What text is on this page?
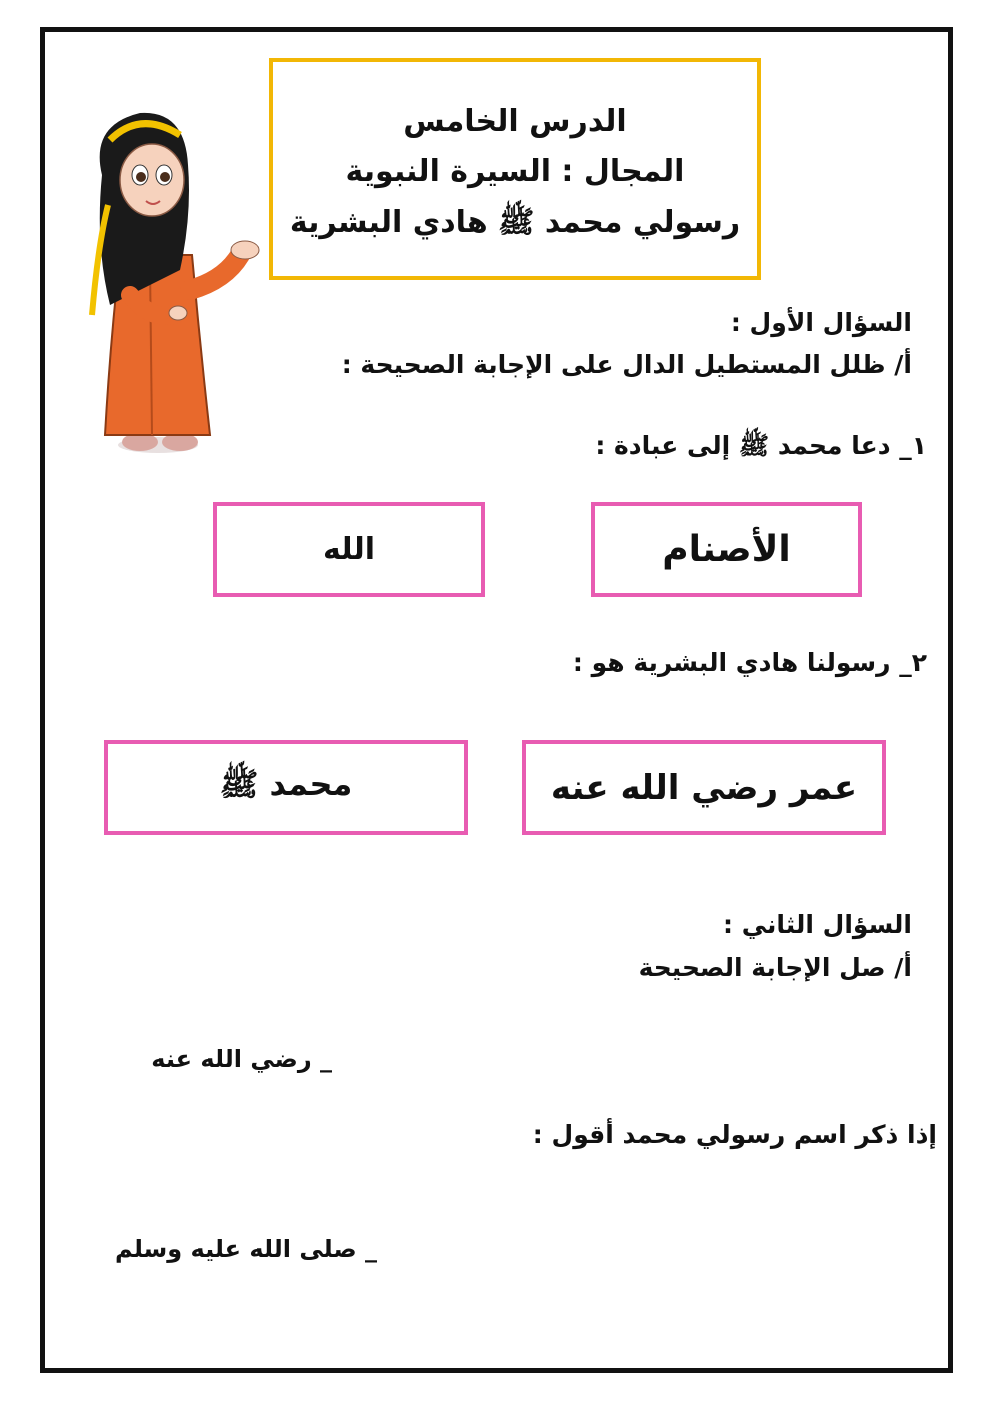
الدرس الخامس
المجال : السيرة النبوية
رسولي محمد ﷺ هادي البشرية
السؤال الأول :
أ/ ظلل المستطيل الدال على الإجابة الصحيحة :
١_ دعا محمد ﷺ إلى عبادة :
الأصنام
الله
٢_ رسولنا هادي البشرية هو :
عمر رضي الله عنه
محمد ﷺ
السؤال الثاني :
أ/ صل الإجابة الصحيحة
_ رضي الله عنه
إذا ذكر اسم رسولي محمد أقول :
_ صلى الله عليه وسلم
